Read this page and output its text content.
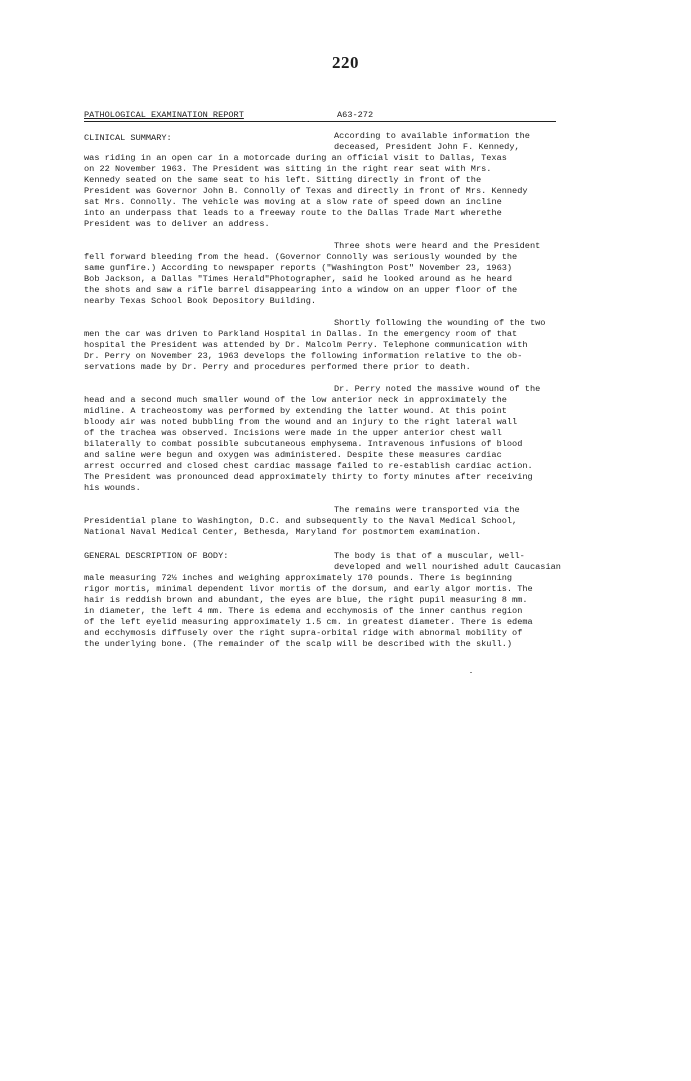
220
PATHOLOGICAL EXAMINATION REPORT	A63-272
CLINICAL SUMMARY:	According to available information the
deceased, President John F. Kennedy,
was riding in an open car in a motorcade during an official visit to Dallas, Texas
on 22 November 1963. The President was sitting in the right rear seat with Mrs.
Kennedy seated on the same seat to his left. Sitting directly in front of the
President was Governor John B. Connolly of Texas and directly in front of Mrs. Kennedy
sat Mrs. Connolly. The vehicle was moving at a slow rate of speed down an incline
into an underpass that leads to a freeway route to the Dallas Trade Mart wherethe
President was to deliver an address.
Three shots were heard and the President
fell forward bleeding from the head. (Governor Connolly was seriously wounded by the
same gunfire.) According to newspaper reports ("Washington Post" November 23, 1963)
Bob Jackson, a Dallas "Times Herald"Photographer, said he looked around as he heard
the shots and saw a rifle barrel disappearing into a window on an upper floor of the
nearby Texas School Book Depository Building.
Shortly following the wounding of the two
men the car was driven to Parkland Hospital in Dallas. In the emergency room of that
hospital the President was attended by Dr. Malcolm Perry. Telephone communication with
Dr. Perry on November 23, 1963 develops the following information relative to the ob-
servations made by Dr. Perry and procedures performed there prior to death.
Dr. Perry noted the massive wound of the
head and a second much smaller wound of the low anterior neck in approximately the
midline. A tracheostomy was performed by extending the latter wound. At this point
bloody air was noted bubbling from the wound and an injury to the right lateral wall
of the trachea was observed. Incisions were made in the upper anterior chest wall
bilaterally to combat possible subcutaneous emphysema. Intravenous infusions of blood
and saline were begun and oxygen was administered. Despite these measures cardiac
arrest occurred and closed chest cardiac massage failed to re-establish cardiac action.
The President was pronounced dead approximately thirty to forty minutes after receiving
his wounds.
The remains were transported via the
Presidential plane to Washington, D.C. and subsequently to the Naval Medical School,
National Naval Medical Center, Bethesda, Maryland for postmortem examination.
GENERAL DESCRIPTION OF BODY:	The body is that of a muscular, well-
developed and well nourished adult Caucasian
male measuring 72½ inches and weighing approximately 170 pounds. There is beginning
rigor mortis, minimal dependent livor mortis of the dorsum, and early algor mortis. The
hair is reddish brown and abundant, the eyes are blue, the right pupil measuring 8 mm.
in diameter, the left 4 mm. There is edema and ecchymosis of the inner canthus region
of the left eyelid measuring approximately 1.5 cm. in greatest diameter. There is edema
and ecchymosis diffusely over the right supra-orbital ridge with abnormal mobility of
the underlying bone. (The remainder of the scalp will be described with the skull.)
